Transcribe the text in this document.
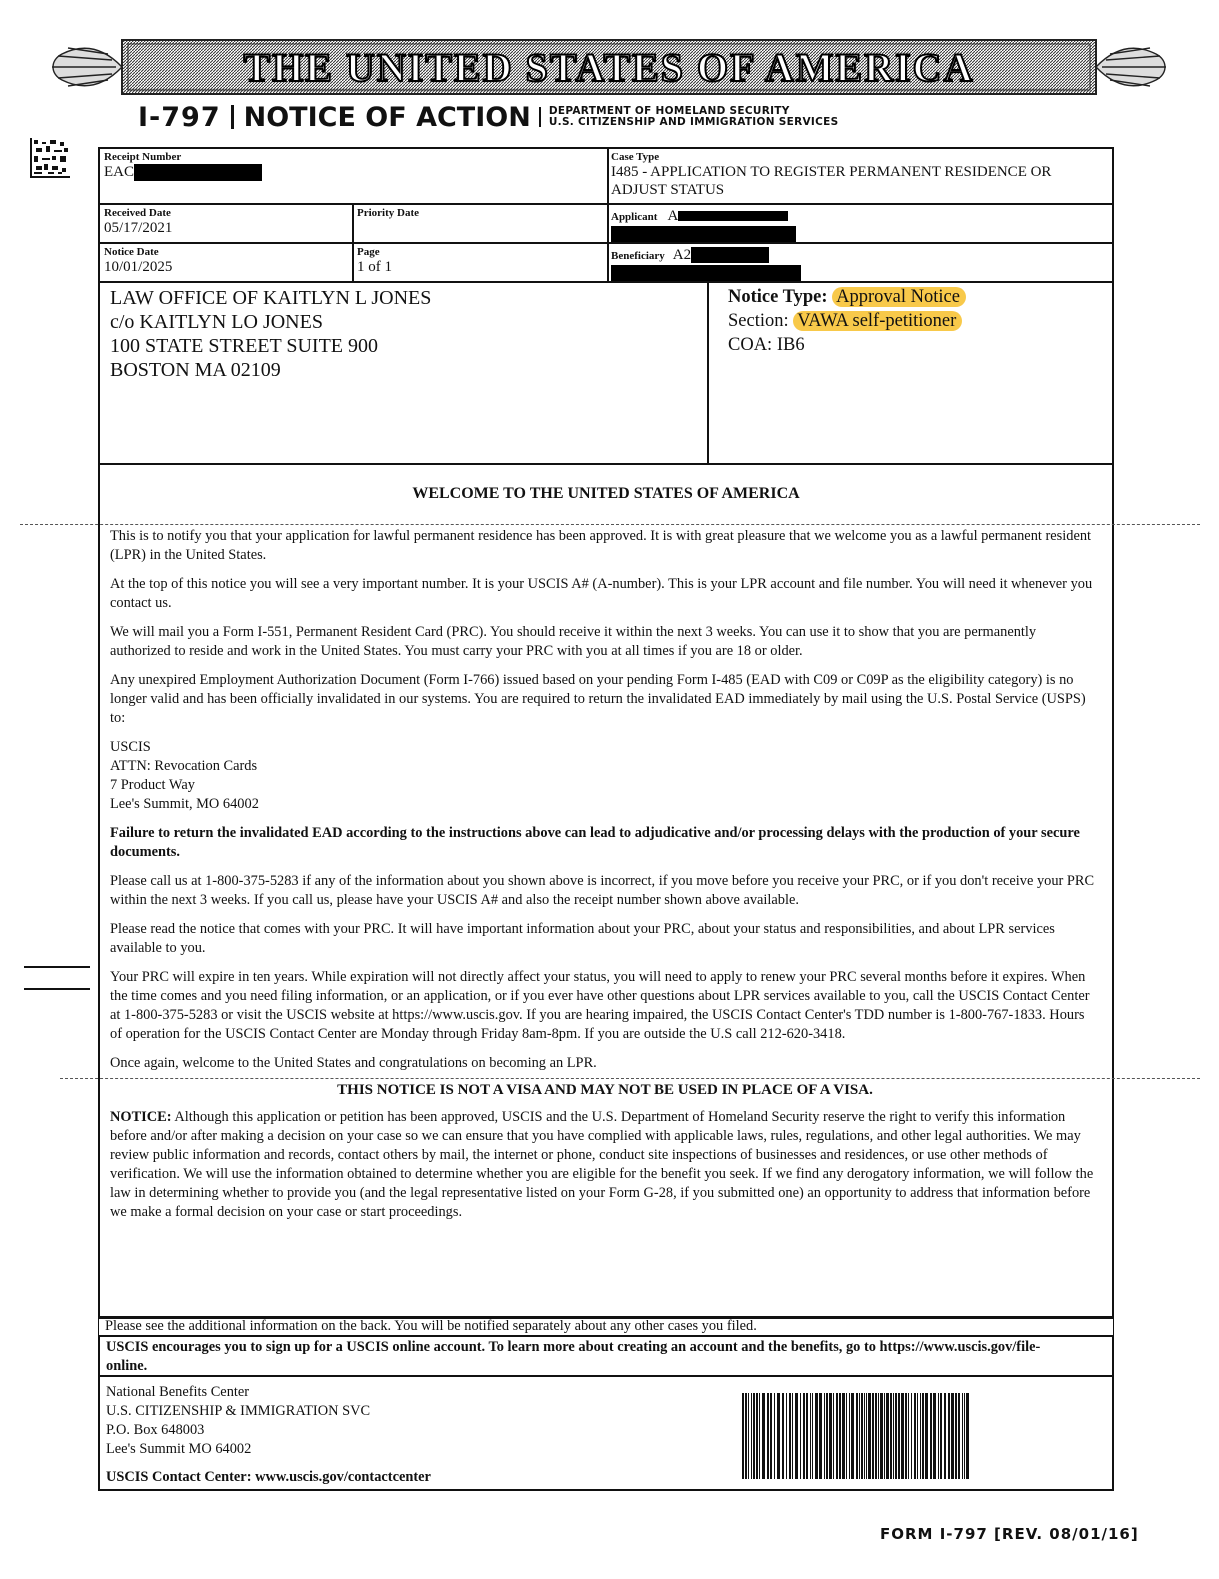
THE UNITED STATES OF AMERICA
I-797 NOTICE OF ACTION DEPARTMENT OF HOMELAND SECURITY
U.S. CITIZENSHIP AND IMMIGRATION SERVICES
Receipt Number
EAC
Case Type
I485 - APPLICATION TO REGISTER PERMANENT RESIDENCE OR ADJUST STATUS
Received Date
05/17/2021
Priority Date	Applicant A
Notice Date
10/01/2025
Page
1 of 1
Beneficiary A2
LAW OFFICE OF KAITLYN L JONES
c/o KAITLYN LO JONES
100 STATE STREET SUITE 900
BOSTON MA 02109
Notice Type: Approval Notice
Section: VAWA self-petitioner
COA: IB6
WELCOME TO THE UNITED STATES OF AMERICA

This is to notify you that your application for lawful permanent residence has been approved. It is with great pleasure that we welcome you as a lawful permanent resident (LPR) in the United States.

At the top of this notice you will see a very important number. It is your USCIS A# (A-number). This is your LPR account and file number. You will need it whenever you contact us.

We will mail you a Form I-551, Permanent Resident Card (PRC). You should receive it within the next 3 weeks. You can use it to show that you are permanently authorized to reside and work in the United States. You must carry your PRC with you at all times if you are 18 or older.

Any unexpired Employment Authorization Document (Form I-766) issued based on your pending Form I-485 (EAD with C09 or C09P as the eligibility category) is no longer valid and has been officially invalidated in our systems. You are required to return the invalidated EAD immediately by mail using the U.S. Postal Service (USPS) to:

USCIS
ATTN: Revocation Cards
7 Product Way
Lee's Summit, MO 64002

Failure to return the invalidated EAD according to the instructions above can lead to adjudicative and/or processing delays with the production of your secure documents.

Please call us at 1-800-375-5283 if any of the information about you shown above is incorrect, if you move before you receive your PRC, or if you don't receive your PRC within the next 3 weeks. If you call us, please have your USCIS A# and also the receipt number shown above available.

Please read the notice that comes with your PRC. It will have important information about your PRC, about your status and responsibilities, and about LPR services available to you.

Your PRC will expire in ten years. While expiration will not directly affect your status, you will need to apply to renew your PRC several months before it expires. When the time comes and you need filing information, or an application, or if you ever have other questions about LPR services available to you, call the USCIS Contact Center at 1-800-375-5283 or visit the USCIS website at https://www.uscis.gov. If you are hearing impaired, the USCIS Contact Center's TDD number is 1-800-767-1833. Hours of operation for the USCIS Contact Center are Monday through Friday 8am-8pm. If you are outside the U.S call 212-620-3418.

Once again, welcome to the United States and congratulations on becoming an LPR.

THIS NOTICE IS NOT A VISA AND MAY NOT BE USED IN PLACE OF A VISA.

NOTICE: Although this application or petition has been approved, USCIS and the U.S. Department of Homeland Security reserve the right to verify this information before and/or after making a decision on your case so we can ensure that you have complied with applicable laws, rules, regulations, and other legal authorities. We may review public information and records, contact others by mail, the internet or phone, conduct site inspections of businesses and residences, or use other methods of verification. We will use the information obtained to determine whether you are eligible for the benefit you seek. If we find any derogatory information, we will follow the law in determining whether to provide you (and the legal representative listed on your Form G-28, if you submitted one) an opportunity to address that information before we make a formal decision on your case or start proceedings.

Please see the additional information on the back. You will be notified separately about any other cases you filed.
USCIS encourages you to sign up for a USCIS online account. To learn more about creating an account and the benefits, go to https://www.uscis.gov/file-online.
National Benefits Center
U.S. CITIZENSHIP & IMMIGRATION SVC
P.O. Box 648003
Lee's Summit MO 64002
USCIS Contact Center: www.uscis.gov/contactcenter
FORM I-797 [REV. 08/01/16]
